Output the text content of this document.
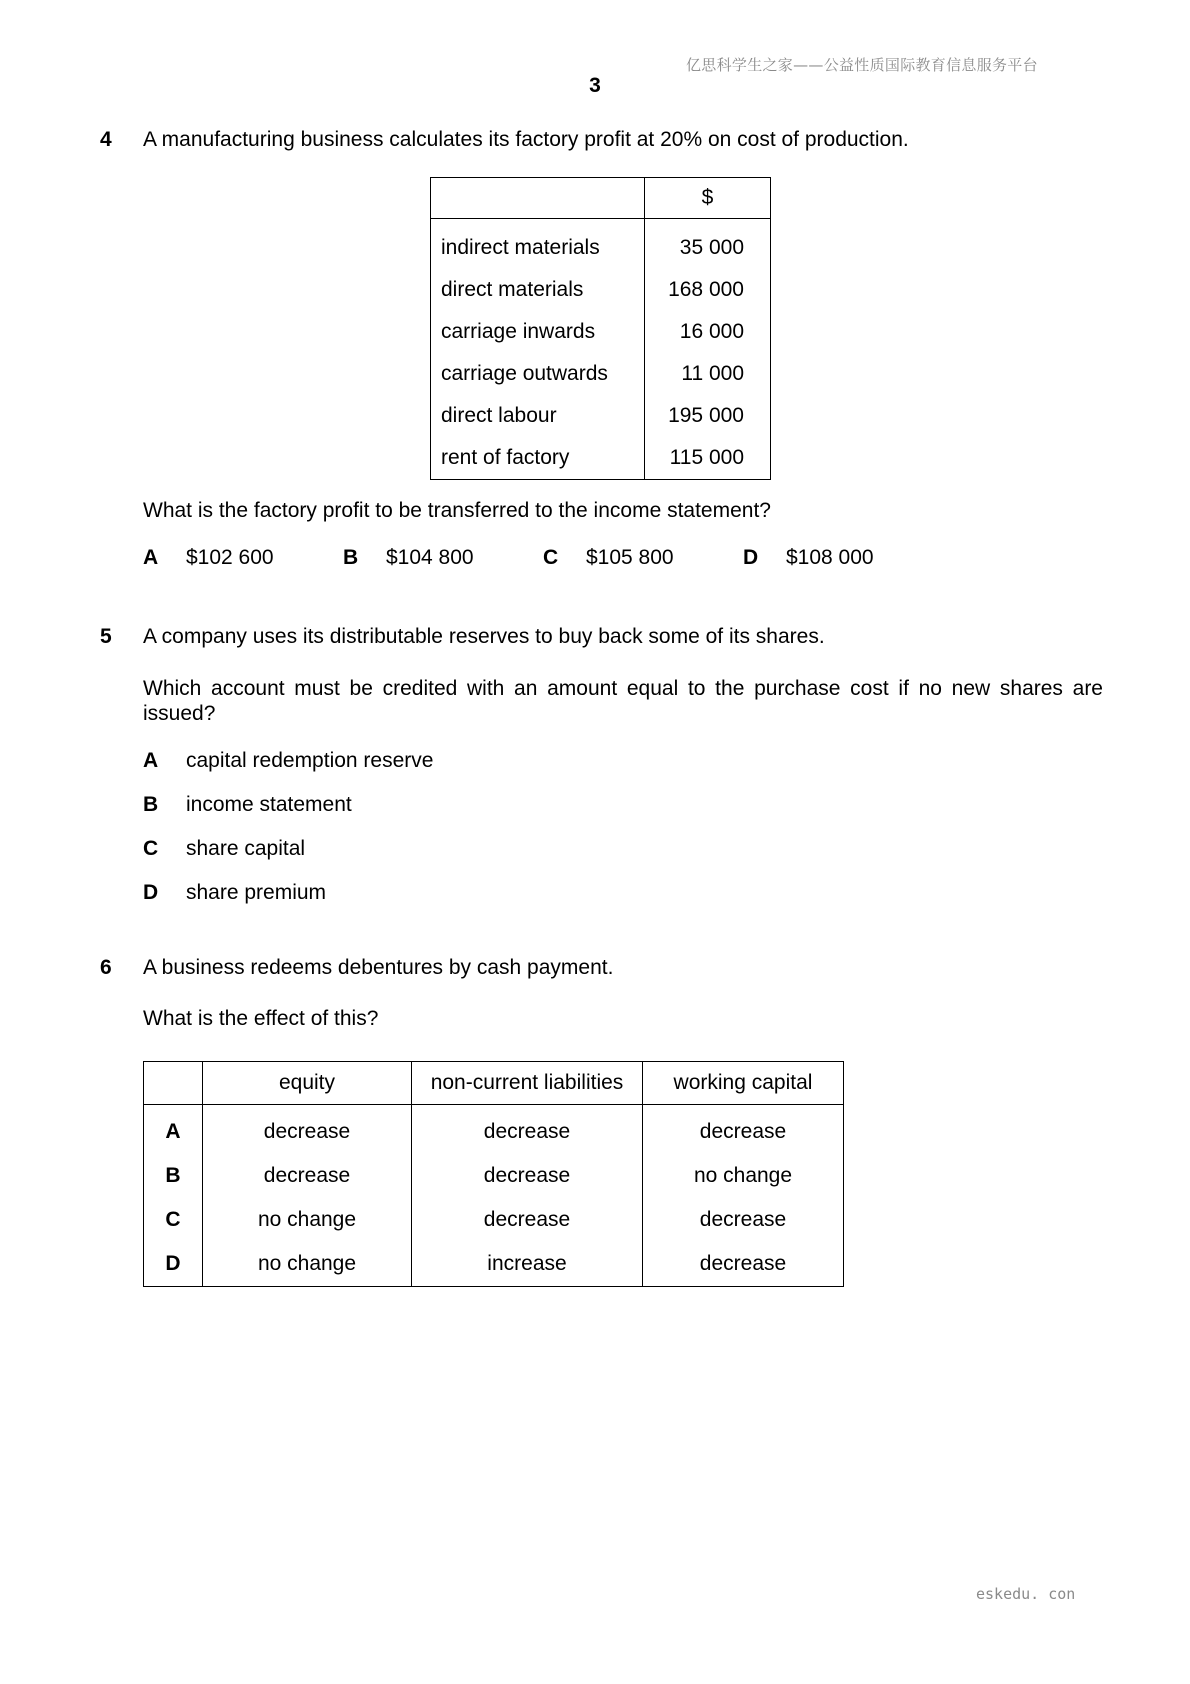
亿思科学生之家——公益性质国际教育信息服务平台
3
4 A manufacturing business calculates its factory profit at 20% on cost of production.
	$
indirect materials	35 000
direct materials	168 000
carriage inwards	16 000
carriage outwards	11 000
direct labour	195 000
rent of factory	115 000
What is the factory profit to be transferred to the income statement?
A	$102 600	B	$104 800	C	$105 800	D	$108 000
5 A company uses its distributable reserves to buy back some of its shares.
Which account must be credited with an amount equal to the purchase cost if no new shares are issued?
A capital redemption reserve
B income statement
C share capital
D share premium
6 A business redeems debentures by cash payment.
What is the effect of this?
	equity	non-current liabilities	working capital
A	decrease	decrease	decrease
B	decrease	decrease	no change
C	no change	decrease	decrease
D	no change	increase	decrease
eskedu. con
